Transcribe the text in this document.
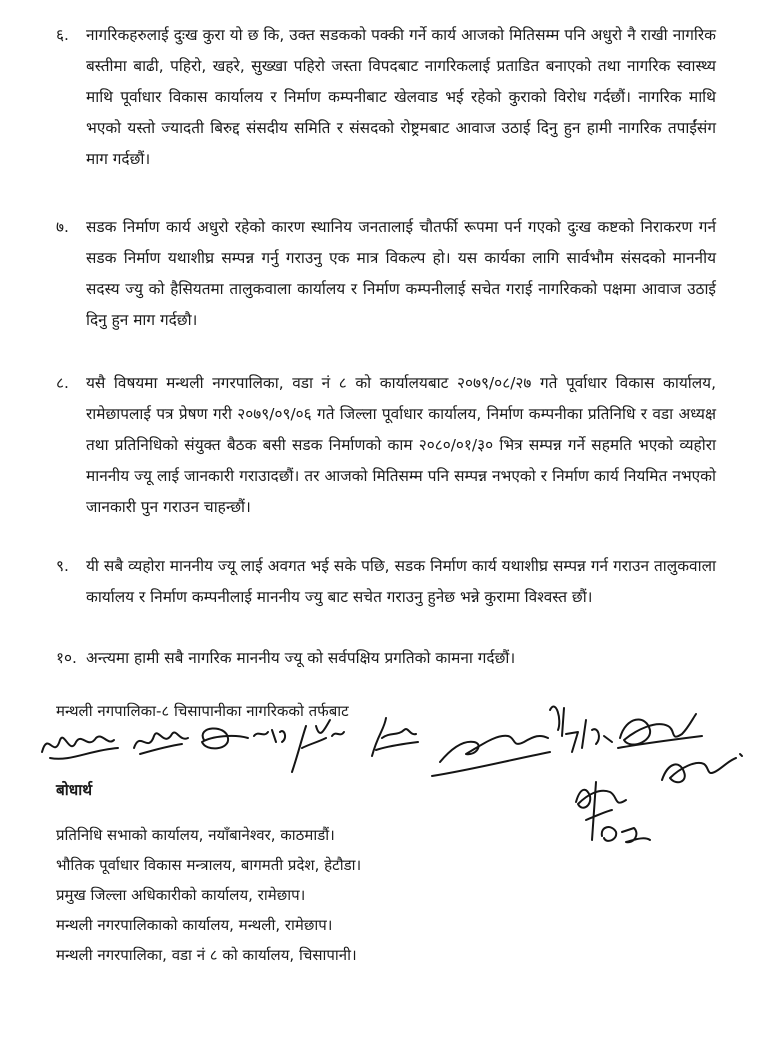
६. नागरिकहरुलाई दुःख कुरा यो छ कि, उक्त सडकको पक्की गर्ने कार्य आजको मितिसम्म पनि अधुरो नै राखी नागरिक बस्तीमा बाढी, पहिरो, खहरे, सुख्खा पहिरो जस्ता विपदबाट नागरिकलाई प्रताडित बनाएको तथा नागरिक स्वास्थ्य माथि पूर्वाधार विकास कार्यालय र निर्माण कम्पनीबाट खेलवाड भई रहेको कुराको विरोध गर्दछौं। नागरिक माथि भएको यस्तो ज्यादती बिरुद्द संसदीय समिति र संसदको रोष्ट्रमबाट आवाज उठाई दिनु हुन हामी नागरिक तपाईंसंग माग गर्दछौं।
७. सडक निर्माण कार्य अधुरो रहेको कारण स्थानिय जनतालाई चौतर्फी रूपमा पर्न गएको दुःख कष्टको निराकरण गर्न सडक निर्माण यथाशीघ्र सम्पन्न गर्नु गराउनु एक मात्र विकल्प हो। यस कार्यका लागि सार्वभौम संसदको माननीय सदस्य ज्यु को हैसियतमा तालुकवाला कार्यालय र निर्माण कम्पनीलाई सचेत गराई नागरिकको पक्षमा आवाज उठाई दिनु हुन माग गर्दछौ।
८. यसै विषयमा मन्थली नगरपालिका, वडा नं ८ को कार्यालयबाट २०७९/०८/२७ गते पूर्वाधार विकास कार्यालय, रामेछापलाई पत्र प्रेषण गरी २०७९/०९/०६ गते जिल्ला पूर्वाधार कार्यालय, निर्माण कम्पनीका प्रतिनिधि र वडा अध्यक्ष तथा प्रतिनिधिको संयुक्त बैठक बसी सडक निर्माणको काम २०८०/०१/३० भित्र सम्पन्न गर्ने सहमति भएको व्यहोरा माननीय ज्यू लाई जानकारी गराउादछौं। तर आजको मितिसम्म पनि सम्पन्न नभएको र निर्माण कार्य नियमित नभएको जानकारी पुन गराउन चाहन्छौं।
९. यी सबै व्यहोरा माननीय ज्यू लाई अवगत भई सके पछि, सडक निर्माण कार्य यथाशीघ्र सम्पन्न गर्न गराउन तालुकवाला कार्यालय र निर्माण कम्पनीलाई माननीय ज्यु बाट सचेत गराउनु हुनेछ भन्ने कुरामा विश्वस्त छौं।
१०. अन्त्यमा हामी सबै नागरिक माननीय ज्यू को सर्वपक्षिय प्रगतिको कामना गर्दछौं।
मन्थली नगपालिका-८ चिसापानीका नागरिकको तर्फबाट
बोधार्थ
प्रतिनिधि सभाको कार्यालय, नयाँबानेश्वर, काठमाडौं।
भौतिक पूर्वाधार विकास मन्त्रालय, बागमती प्रदेश, हेटौडा।
प्रमुख जिल्ला अधिकारीको कार्यालय, रामेछाप।
मन्थली नगरपालिकाको कार्यालय, मन्थली, रामेछाप।
मन्थली नगरपालिका, वडा नं ८ को कार्यालय, चिसापानी।
